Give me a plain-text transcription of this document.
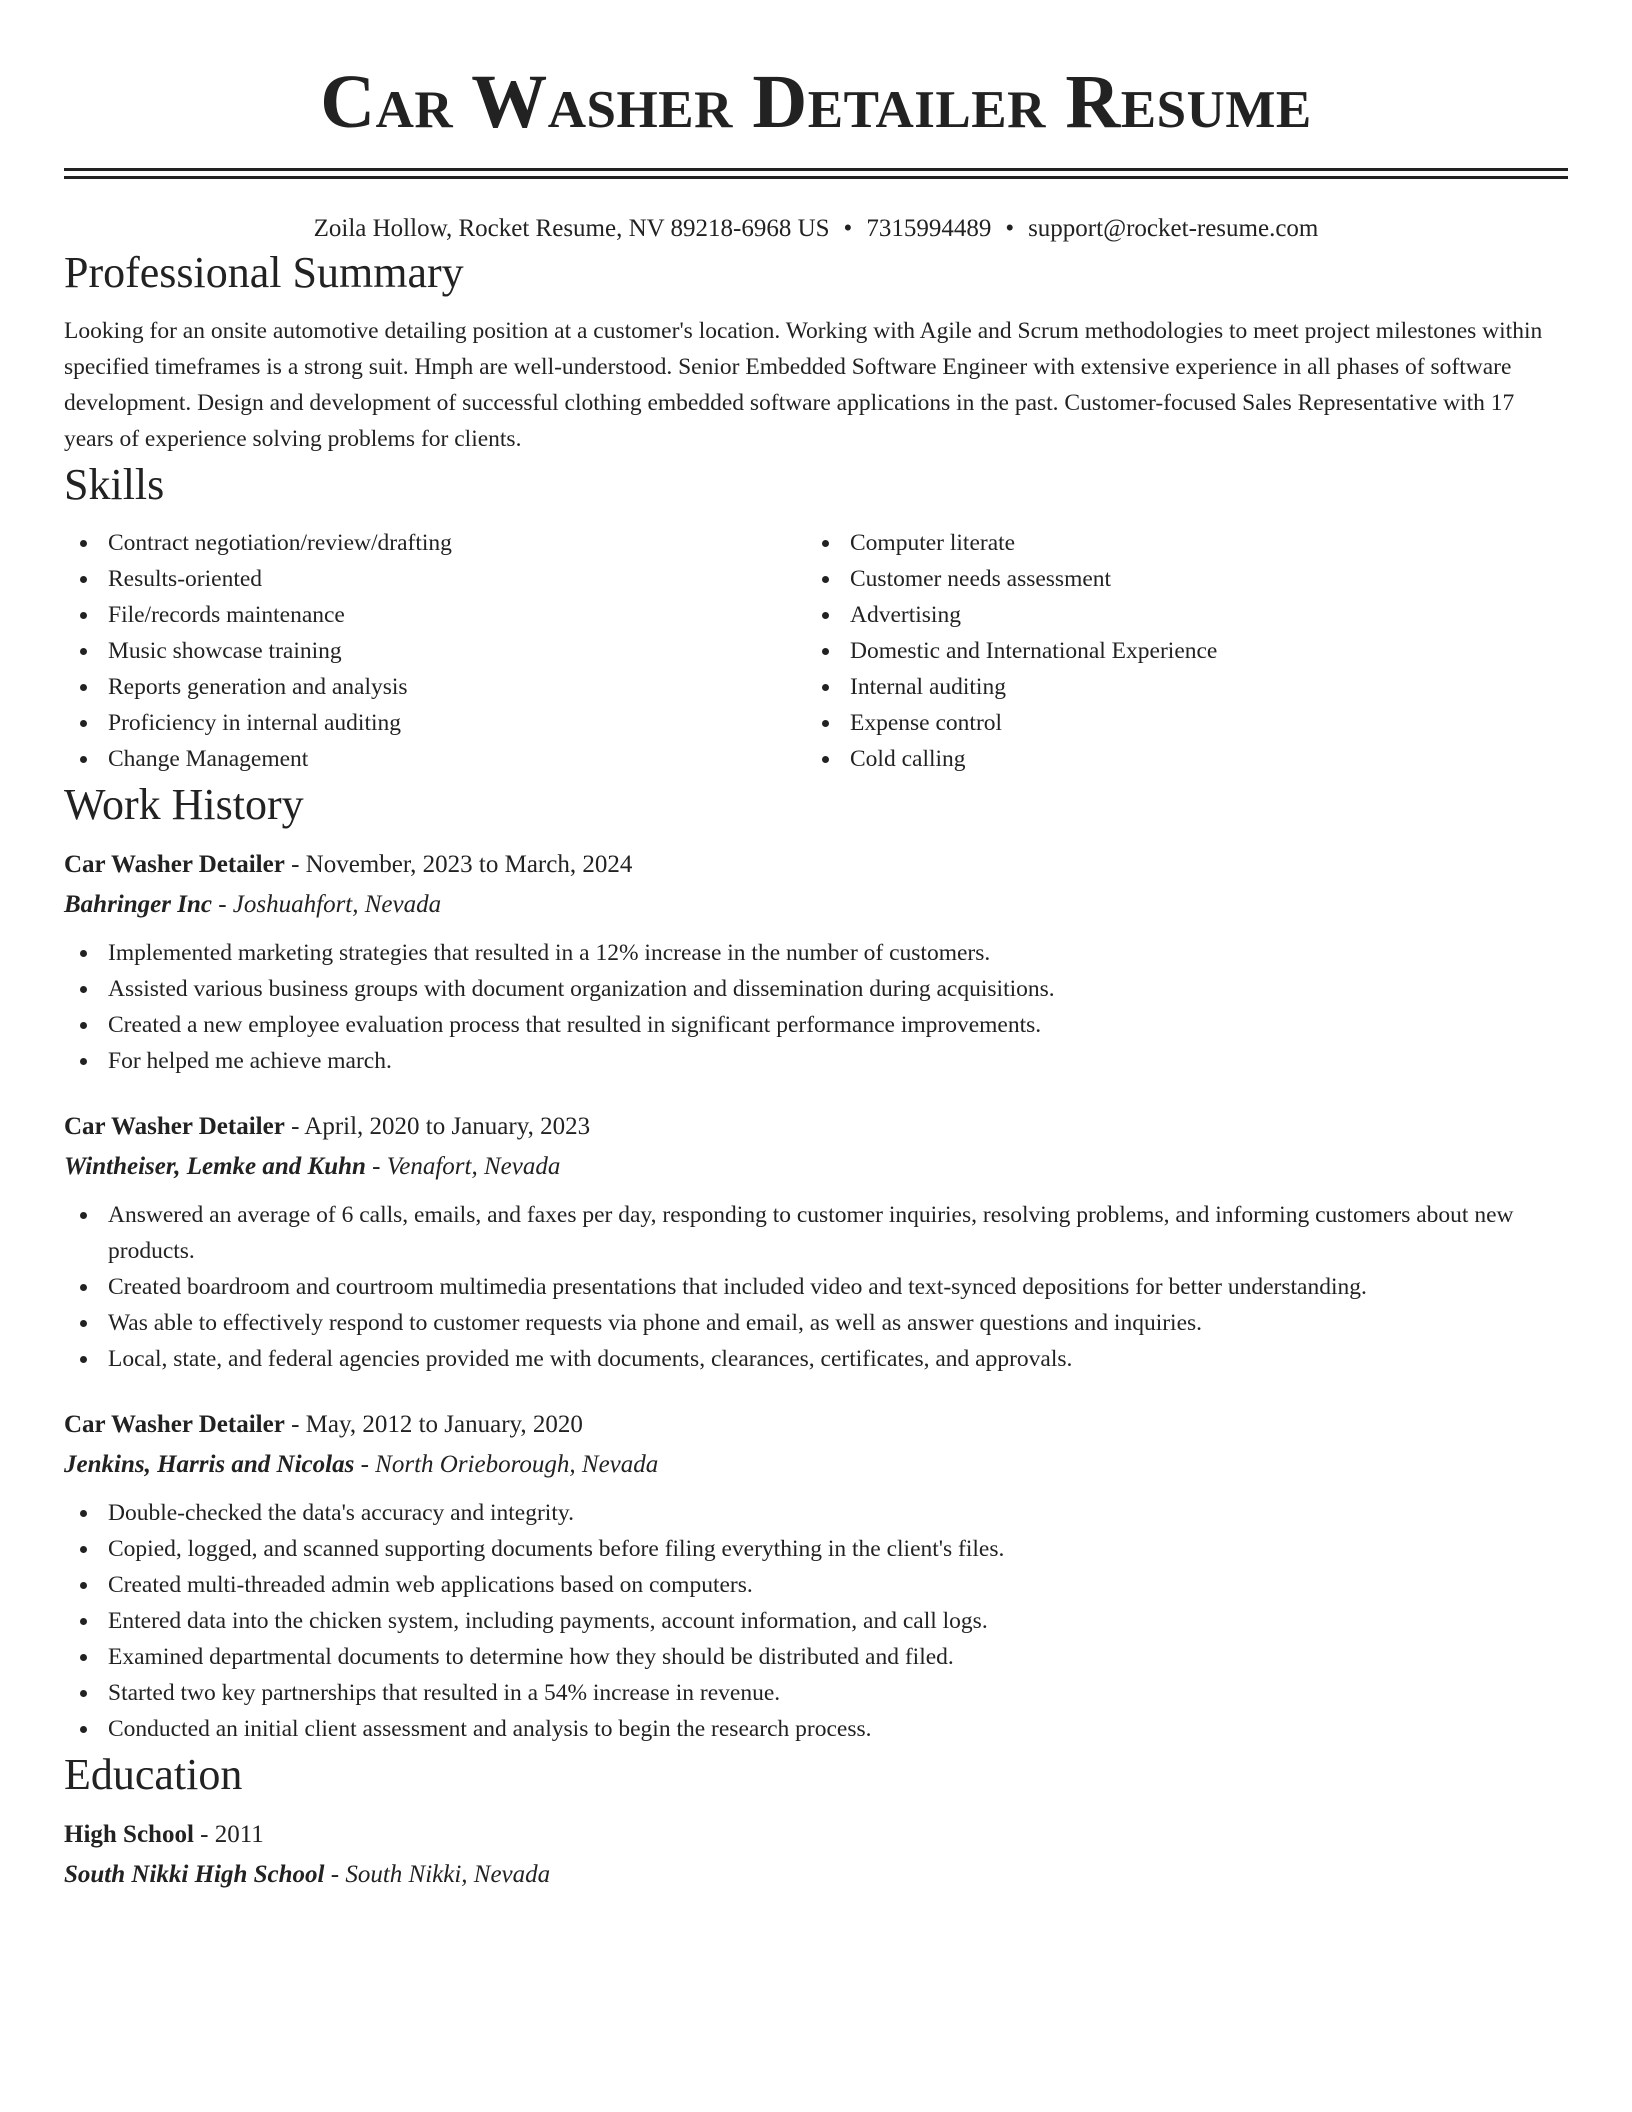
Car Washer Detailer Resume
Zoila Hollow, Rocket Resume, NV 89218-6968 US • 7315994489 • support@rocket-resume.com
Professional Summary
Looking for an onsite automotive detailing position at a customer's location. Working with Agile and Scrum methodologies to meet project milestones within specified timeframes is a strong suit. Hmph are well-understood. Senior Embedded Software Engineer with extensive experience in all phases of software development. Design and development of successful clothing embedded software applications in the past. Customer-focused Sales Representative with 17 years of experience solving problems for clients.
Skills
Contract negotiation/review/drafting
Results-oriented
File/records maintenance
Music showcase training
Reports generation and analysis
Proficiency in internal auditing
Change Management
Computer literate
Customer needs assessment
Advertising
Domestic and International Experience
Internal auditing
Expense control
Cold calling
Work History
Car Washer Detailer - November, 2023 to March, 2024
Bahringer Inc - Joshuahfort, Nevada
Implemented marketing strategies that resulted in a 12% increase in the number of customers.
Assisted various business groups with document organization and dissemination during acquisitions.
Created a new employee evaluation process that resulted in significant performance improvements.
For helped me achieve march.
Car Washer Detailer - April, 2020 to January, 2023
Wintheiser, Lemke and Kuhn - Venafort, Nevada
Answered an average of 6 calls, emails, and faxes per day, responding to customer inquiries, resolving problems, and informing customers about new products.
Created boardroom and courtroom multimedia presentations that included video and text-synced depositions for better understanding.
Was able to effectively respond to customer requests via phone and email, as well as answer questions and inquiries.
Local, state, and federal agencies provided me with documents, clearances, certificates, and approvals.
Car Washer Detailer - May, 2012 to January, 2020
Jenkins, Harris and Nicolas - North Orieborough, Nevada
Double-checked the data's accuracy and integrity.
Copied, logged, and scanned supporting documents before filing everything in the client's files.
Created multi-threaded admin web applications based on computers.
Entered data into the chicken system, including payments, account information, and call logs.
Examined departmental documents to determine how they should be distributed and filed.
Started two key partnerships that resulted in a 54% increase in revenue.
Conducted an initial client assessment and analysis to begin the research process.
Education
High School - 2011
South Nikki High School - South Nikki, Nevada
